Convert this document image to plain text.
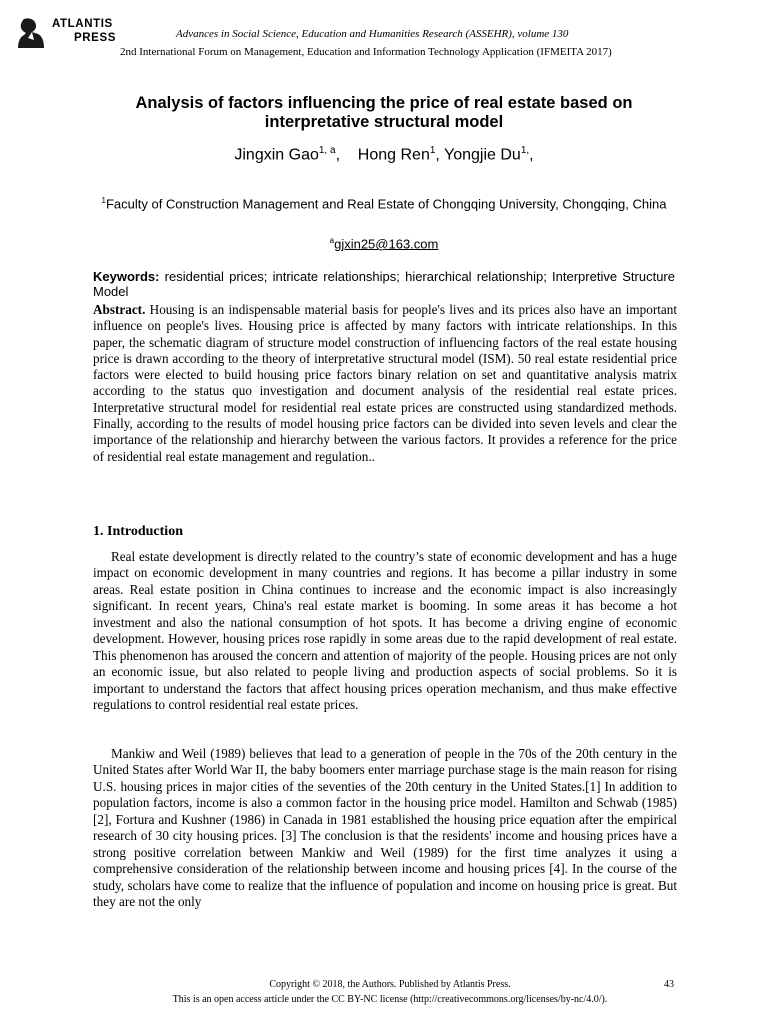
ATLANTIS
PRESS	Advances in Social Science, Education and Humanities Research (ASSEHR), volume 130
2nd International Forum on Management, Education and Information Technology Application (IFMEITA 2017)
Analysis of factors influencing the price of real estate based on
interpretative structural model
Jingxin Gao$^{1, a}$,    Hong Ren$^1$, Yongjie $Du^{1,}$,
$^1$Faculty of Construction Management and Real Estate of Chongqing University, Chongqing, China
$^a$gjxin25@163.com
Keywords: residential prices; intricate relationships; hierarchical relationship; Interpretive Structure Model
Abstract. Housing is an indispensable material basis for people's lives and its prices also have an important influence on people's lives. Housing price is affected by many factors with intricate relationships. In this paper, the schematic diagram of structure model construction of influencing factors of the real estate housing price is drawn according to the theory of interpretative structural model (ISM). 50 real estate residential price factors were elected to build housing price factors binary relation on set and quantitative analysis matrix according to the status quo investigation and document analysis of the residential real estate prices. Interpretative structural model for residential real estate prices are constructed using standardized methods. Finally, according to the results of model housing price factors can be divided into seven levels and clear the importance of the relationship and hierarchy between the various factors. It provides a reference for the price of residential real estate management and regulation..
1. Introduction
Real estate development is directly related to the country’s state of economic development and has a huge impact on economic development in many countries and regions. It has become a pillar industry in some areas. Real estate position in China continues to increase and the economic impact is also increasingly significant. In recent years, China's real estate market is booming. In some areas it has become a hot investment and also the national consumption of hot spots. It has become a driving engine of economic development. However, housing prices rose rapidly in some areas due to the rapid development of real estate. This phenomenon has aroused the concern and attention of majority of the people. Housing prices are not only an economic issue, but also related to people living and production aspects of social problems. So it is important to understand the factors that affect housing prices operation mechanism, and thus make effective regulations to control residential real estate prices.
Mankiw and Weil (1989) believes that lead to a generation of people in the 70s of the 20th century in the United States after World War II, the baby boomers enter marriage purchase stage is the main reason for rising U.S. housing prices in major cities of the seventies of the 20th century in the United States.[1] In addition to population factors, income is also a common factor in the housing price model. Hamilton and Schwab (1985)[2], Fortura and Kushner (1986) in Canada in 1981 established the housing price equation after the empirical research of 30 city housing prices. [3] The conclusion is that the residents' income and housing prices have a strong positive correlation between Mankiw and Weil (1989) for the first time analyzes it using a comprehensive consideration of the relationship between income and housing prices [4]. In the course of the study, scholars have come to realize that the influence of population and income on housing price is great. But they are not the only
Copyright © 2018, the Authors. Published by Atlantis Press.	43
This is an open access article under the CC BY-NC license (http://creativecommons.org/licenses/by-nc/4.0/).
